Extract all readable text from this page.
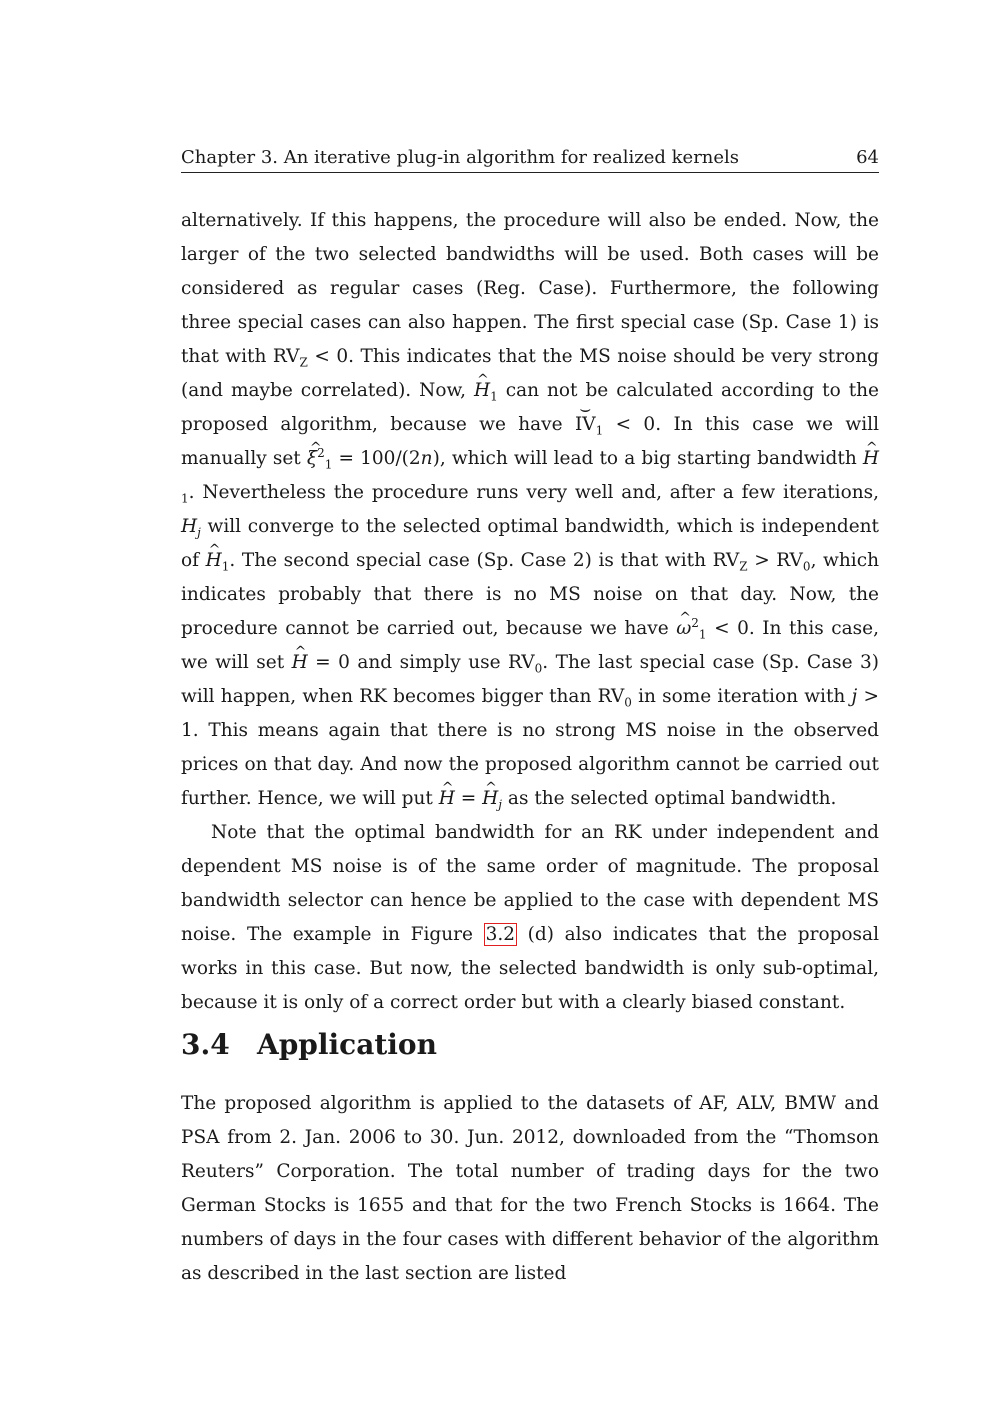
Chapter 3. An iterative plug-in algorithm for realized kernels	64

alternatively. If this happens, the procedure will also be ended. Now, the larger of the two selected bandwidths will be used. Both cases will be considered as regular cases (Reg. Case). Furthermore, the following three special cases can also happen. The first special case (Sp. Case 1) is that with $RV_Z < 0$. This indicates that the MS noise should be very strong (and maybe correlated). Now, ^ $H_1$ can not be calculated according to the proposed algorithm, because we have ⌢ $IV_1 < 0$. In this case we will manually set ^ $\xi^2_1 = 100/(2n)$, which will lead to a big starting bandwidth ^ $H_1$. Nevertheless the procedure runs very well and, after a few iterations, $H_j$ will converge to the selected optimal bandwidth, which is independent of ^ $H_1$. The second special case (Sp. Case 2) is that with $RV_Z > RV_0$, which indicates probably that there is no MS noise on that day. Now, the procedure cannot be carried out, because we have ^ $\omega^2_1 < 0$. In this case, we will set ^ H = 0 and simply use $RV_0$. The last special case (Sp. Case 3) will happen, when RK becomes bigger than $RV_0$ in some iteration with j > 1. This means again that there is no strong MS noise in the observed prices on that day. And now the proposed algorithm cannot be carried out further. Hence, we will put ^ H = ^ $H_j$ as the selected optimal bandwidth.

Note that the optimal bandwidth for an RK under independent and dependent MS noise is of the same order of magnitude. The proposal bandwidth selector can hence be applied to the case with dependent MS noise. The example in Figure 3.2 (d) also indicates that the proposal works in this case. But now, the selected bandwidth is only sub-optimal, because it is only of a correct order but with a clearly biased constant.

3.4 Application

The proposed algorithm is applied to the datasets of AF, ALV, BMW and PSA from 2. Jan. 2006 to 30. Jun. 2012, downloaded from the “Thomson Reuters” Corporation. The total number of trading days for the two German Stocks is 1655 and that for the two French Stocks is 1664. The numbers of days in the four cases with different behavior of the algorithm as described in the last section are listed
